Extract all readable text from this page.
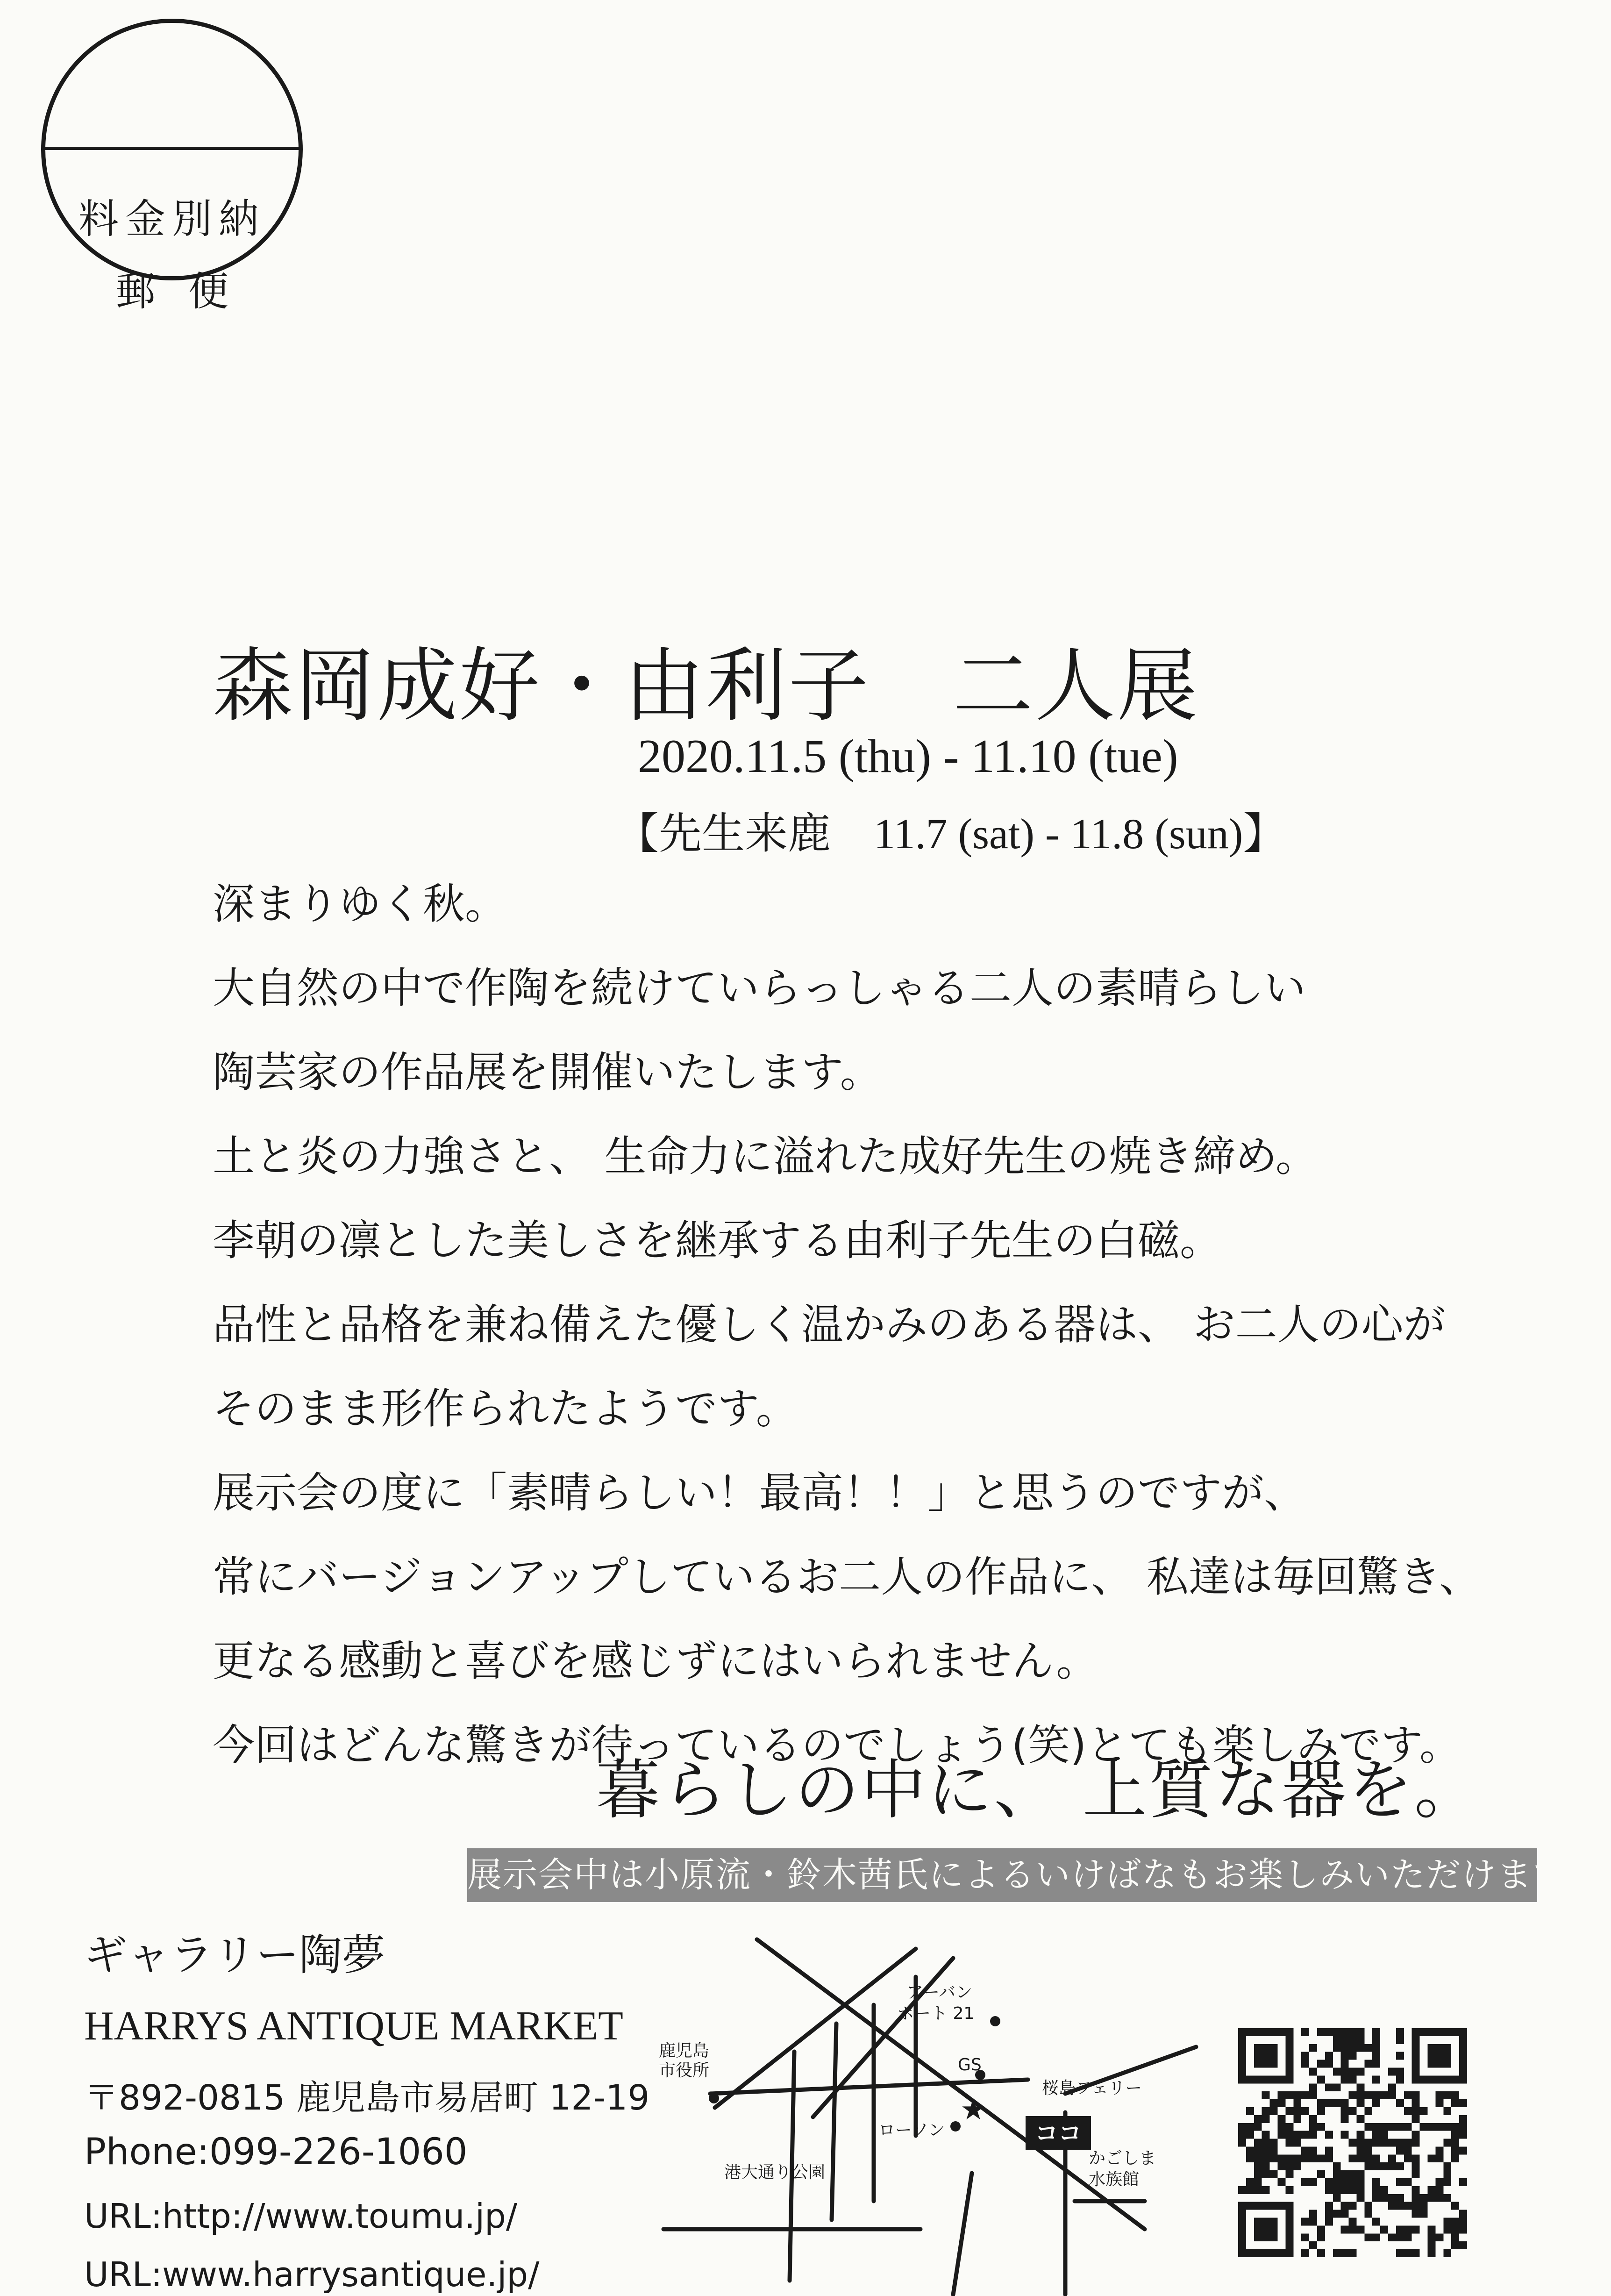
料金別納
郵便
森岡成好・由利子　二人展
2020.11.5 (thu) - 11.10 (tue)
【先生来鹿　11.7 (sat) - 11.8 (sun)】

深まりゆく秋。

大自然の中で作陶を続けていらっしゃる二人の素晴らしい

陶芸家の作品展を開催いたします。

土と炎の力強さと、 生命力に溢れた成好先生の焼き締め。

李朝の凛とした美しさを継承する由利子先生の白磁。

品性と品格を兼ね備えた優しく温かみのある器は、 お二人の心が

そのまま形作られたようです。

展示会の度に「素晴らしい！最高！！」と思うのですが、

常にバージョンアップしているお二人の作品に、 私達は毎回驚き、

更なる感動と喜びを感じずにはいられません。

今回はどんな驚きが待っているのでしょう(笑)とても楽しみです。

暮らしの中に、 上質な器を。
展示会中は小原流・鈴木茜氏によるいけばなもお楽しみいただけます。
ギャラリー陶夢
HARRYS ANTIQUE MARKET
〒892-0815 鹿児島市易居町 12-19
Phone:099-226-1060
URL:http://www.toumu.jp/
URL:www.harrysantique.jp/
ココ
★
アーバン
ポート 21
GS
鹿児島
市役所
桜島フェリー
ローソン
かごしま
水族館
港大通り公園
